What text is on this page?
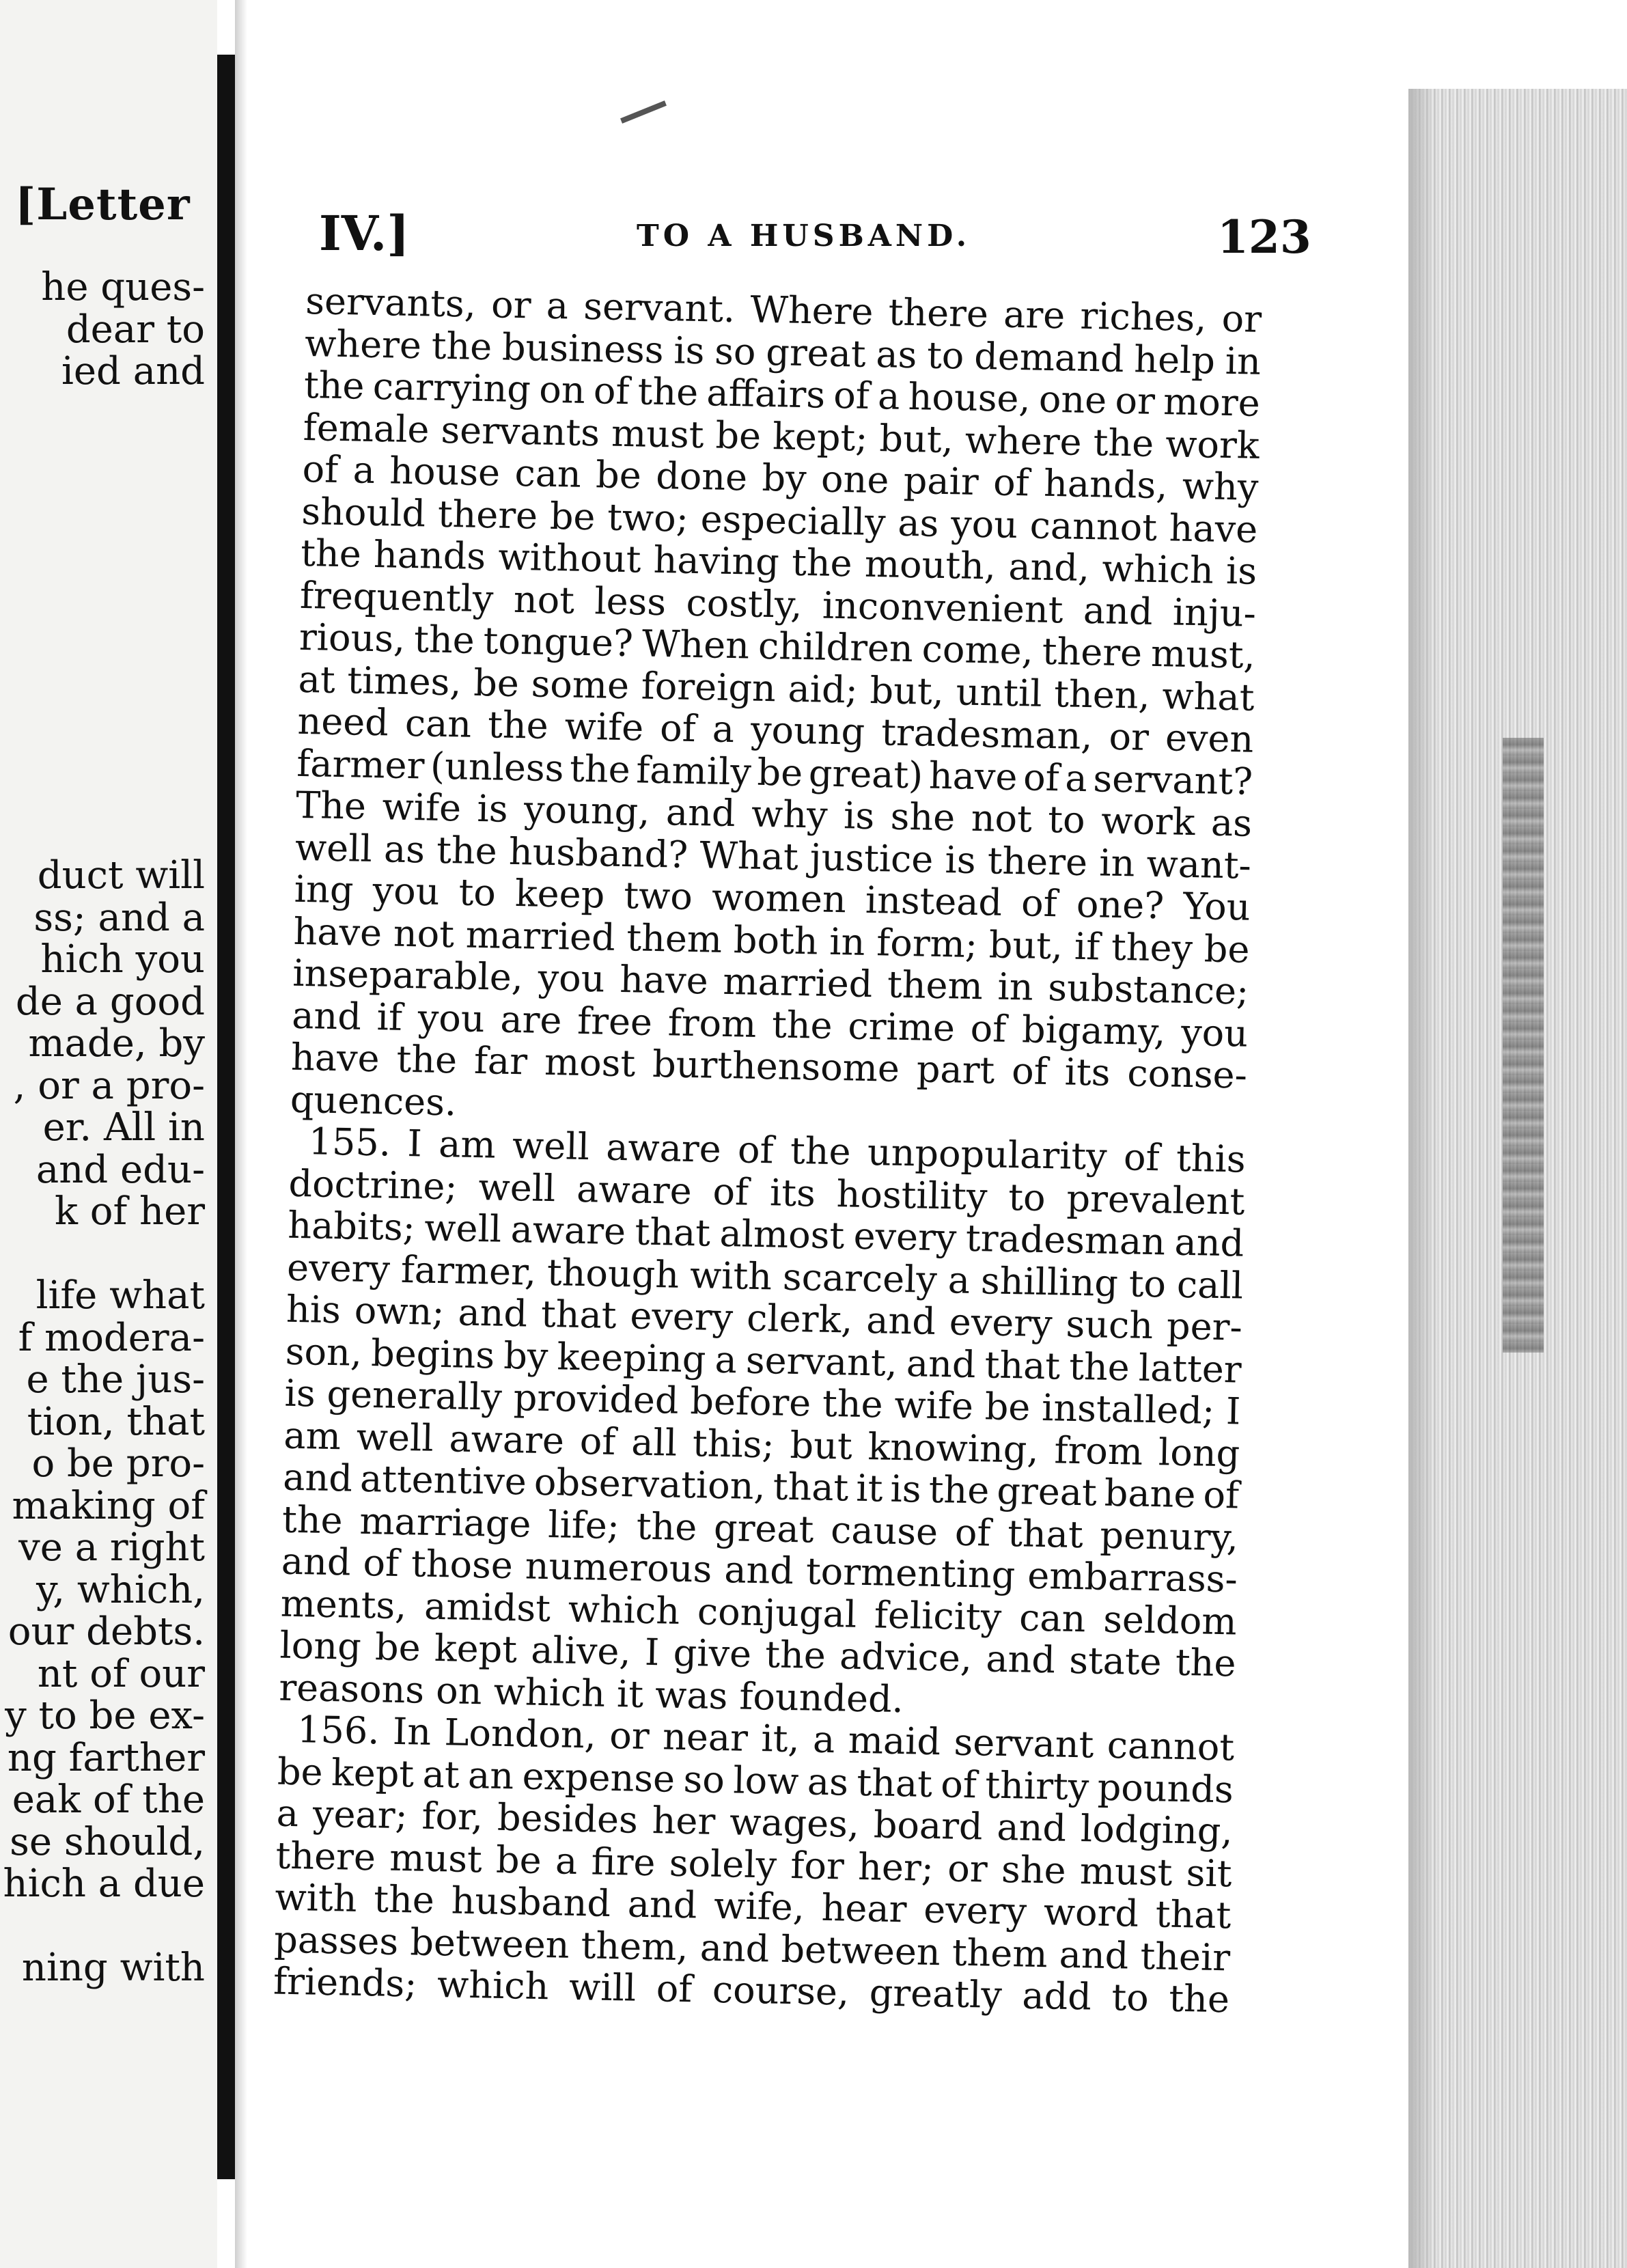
[Letter
he ques-
dear to
ied and
duct will
ss; and a
hich you
de a good
made, by
, or a pro-
er. All in
and edu-
k of her
life what
f modera-
e the jus-
tion, that
o be pro-
making of
ve a right
y, which,
our debts.
nt of our
y to be ex-
ng farther
eak of the
se should,
hich a due
ning with
IV.]	TO A HUSBAND.	123
servants, or a servant. Where there are riches, or
where the business is so great as to demand help in
the carrying on of the affairs of a house, one or more
female servants must be kept; but, where the work
of a house can be done by one pair of hands, why
should there be two; especially as you cannot have
the hands without having the mouth, and, which is
frequently not less costly, inconvenient and inju-
rious, the tongue? When children come, there must,
at times, be some foreign aid; but, until then, what
need can the wife of a young tradesman, or even
farmer (unless the family be great) have of a servant?
The wife is young, and why is she not to work as
well as the husband? What justice is there in want-
ing you to keep two women instead of one? You
have not married them both in form; but, if they be
inseparable, you have married them in substance;
and if you are free from the crime of bigamy, you
have the far most burthensome part of its conse-
quences.
155. I am well aware of the unpopularity of this
doctrine; well aware of its hostility to prevalent
habits; well aware that almost every tradesman and
every farmer, though with scarcely a shilling to call
his own; and that every clerk, and every such per-
son, begins by keeping a servant, and that the latter
is generally provided before the wife be installed; I
am well aware of all this; but knowing, from long
and attentive observation, that it is the great bane of
the marriage life; the great cause of that penury,
and of those numerous and tormenting embarrass-
ments, amidst which conjugal felicity can seldom
long be kept alive, I give the advice, and state the
reasons on which it was founded.
156. In London, or near it, a maid servant cannot
be kept at an expense so low as that of thirty pounds
a year; for, besides her wages, board and lodging,
there must be a fire solely for her; or she must sit
with the husband and wife, hear every word that
passes between them, and between them and their
friends; which will of course, greatly add to the
